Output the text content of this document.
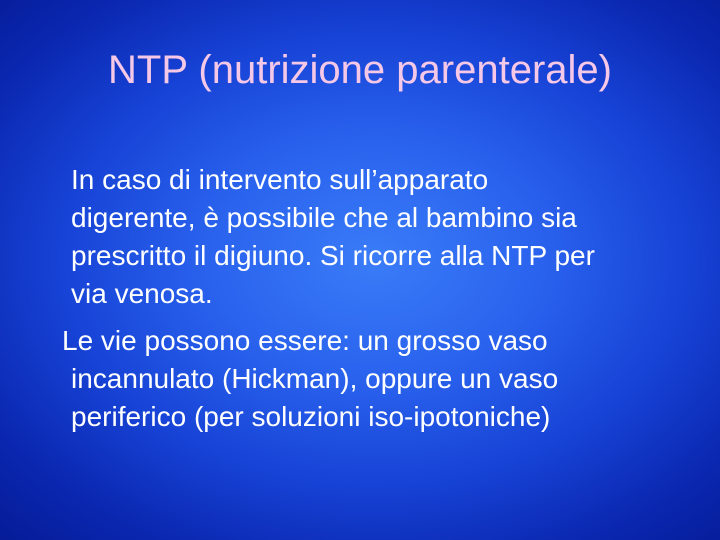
NTP (nutrizione parenterale)
In caso di intervento sull’apparato
digerente, è possibile che al bambino sia
prescritto il digiuno. Si ricorre alla NTP per
via venosa.
Le vie possono essere: un grosso vaso
incannulato (Hickman), oppure un vaso
periferico (per soluzioni iso-ipotoniche)
